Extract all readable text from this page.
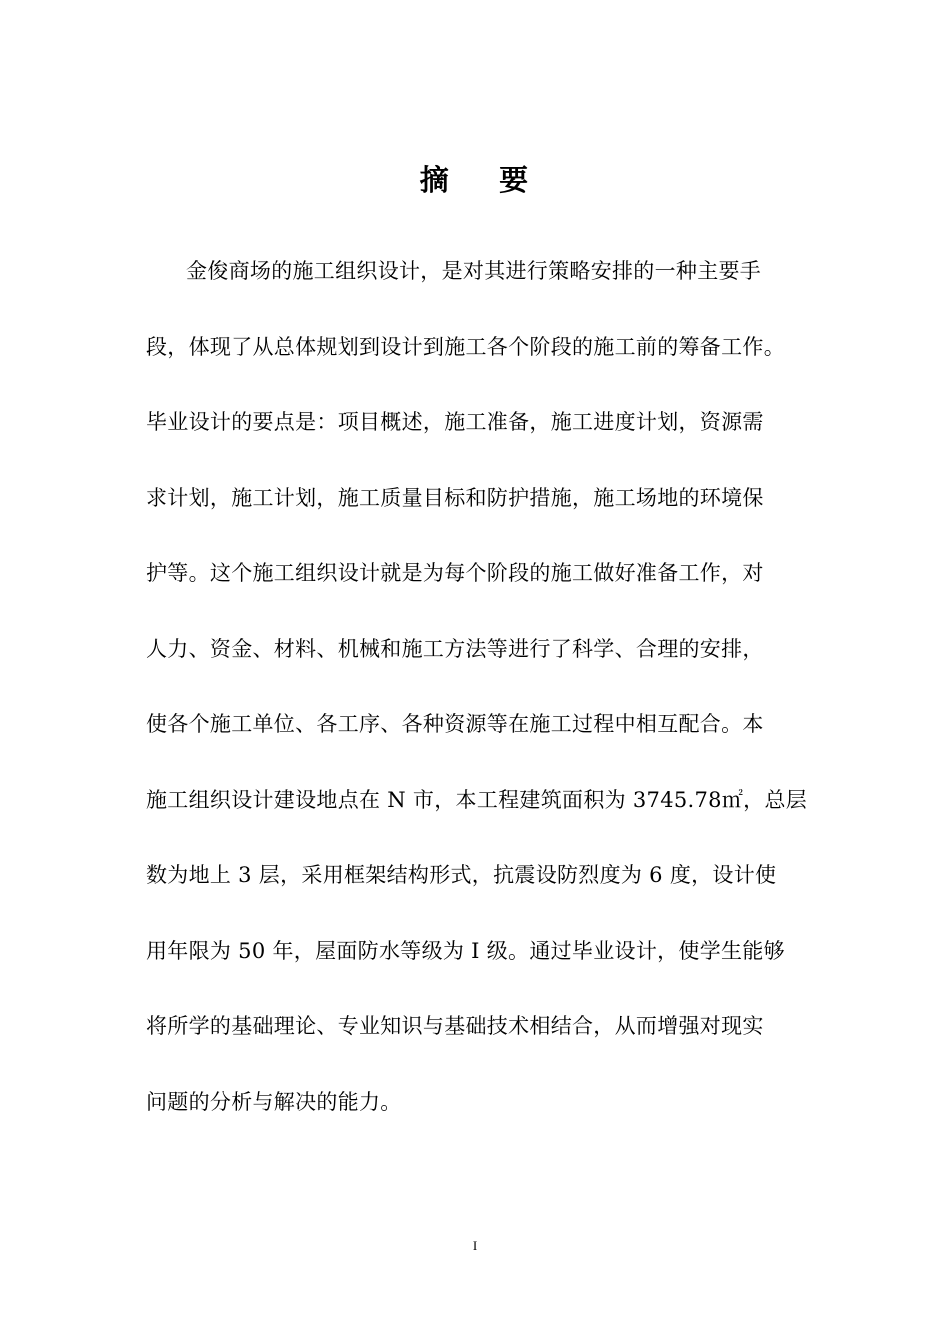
摘    要
金俊商场的施工组织设计，是对其进行策略安排的一种主要手
段，体现了从总体规划到设计到施工各个阶段的施工前的筹备工作。
毕业设计的要点是：项目概述，施工准备，施工进度计划，资源需
求计划，施工计划，施工质量目标和防护措施，施工场地的环境保
护等。这个施工组织设计就是为每个阶段的施工做好准备工作，对
人力、资金、材料、机械和施工方法等进行了科学、合理的安排，
使各个施工单位、各工序、各种资源等在施工过程中相互配合。本
施工组织设计建设地点在 N 市，本工程建筑面积为 3745.78㎡，总层
数为地上 3 层，采用框架结构形式，抗震设防烈度为 6 度，设计使
用年限为 50 年，屋面防水等级为 I 级。通过毕业设计，使学生能够
将所学的基础理论、专业知识与基础技术相结合，从而增强对现实
问题的分析与解决的能力。
I
